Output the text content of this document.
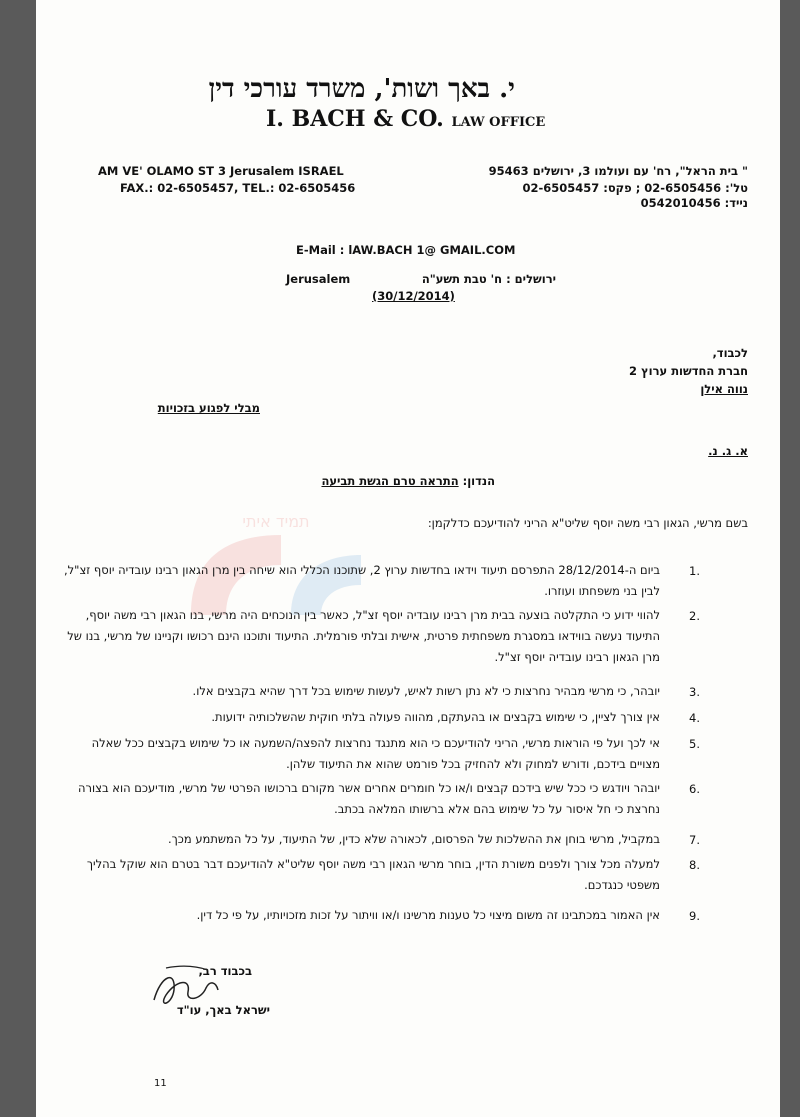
תמיד איתי
י. באך ושות', משרד עורכי דין
I. BACH & CO. LAW OFFICE
AM VE' OLAMO ST 3 Jerusalem ISRAEL
FAX.: 02-6505457, TEL.: 02-6505456
" בית הראל", רח' עם ועולמו 3, ירושלים 95463
טל': 02-6505456 ; פקס: 02-6505457
נייד: 0542010456
E-Mail : lAW.BACH 1@ GMAIL.COM
Jerusalem	ירושלים : ח' טבת תשע"ה
(30/12/2014)
לכבוד,
חברת החדשות ערוץ 2
נווה אילן
מבלי לפגוע בזכויות
א. ג. נ.
הנדון: התראה טרם הגשת תביעה
בשם מרשי, הגאון רבי משה יוסף שליט"א הריני להודיעכם כדלקמן:
1.
ביום ה-28/12/2014 התפרסם תיעוד וידאו בחדשות ערוץ 2, שתוכנו הכללי הוא שיחה בין מרן הגאון רבינו עובדיה יוסף זצ"ל, לבין בני משפחתו ועוזרו.
2.
להווי ידוע כי התקלטה בוצעה בבית מרן רבינו עובדיה יוסף זצ"ל, כאשר בין הנוכחים היה מרשי, בנו הגאון רבי משה יוסף, התיעוד נעשה בווידאו במסגרת משפחתית פרטית, אישית ובלתי פורמלית. התיעוד ותוכנו הינם רכושו וקניינו של מרשי, בנו של מרן הגאון רבינו עובדיה יוסף זצ"ל.
3.
יובהר, כי מרשי מבהיר נחרצות כי לא נתן רשות לאיש, לעשות שימוש בכל דרך שהיא בקבצים אלו.
4.
אין צורך לציין, כי שימוש בקבצים או בהעתקם, מהווה פעולה בלתי חוקית שהשלכותיה ידועות.
5.
אי לכך ועל פי הוראות מרשי, הריני להודיעכם כי הוא מתנגד נחרצות להפצה/השמעה או כל שימוש בקבצים ככל שאלה מצויים בידכם, ודורש למחוק ולא להחזיק בכל פורמט שהוא את התיעוד שלהן.
6.
יובהר ויודגש כי ככל שיש בידכם קבצים ו/או כל חומרים אחרים אשר מקורם ברכושו הפרטי של מרשי, מודיעכם הוא בצורה נחרצת כי חל איסור על כל שימוש בהם אלא ברשותו המלאה בכתב.
7.
במקביל, מרשי בוחן את ההשלכות של הפרסום, לכאורה שלא כדין, של התיעוד, על כל המשתמע מכך.
8.
למעלה מכל צורך ולפנים משורת הדין, בוחר מרשי הגאון רבי משה יוסף שליט"א להודיעכם דבר בטרם הוא שוקל בהליך משפטי כנגדכם.
9.
אין האמור במכתבינו זה משום מיצוי כל טענות מרשינו ו/או וויתור על זכות מזכויותיו, על פי כל דין.
בכבוד רב,
ישראל באך, עו"ד
11
